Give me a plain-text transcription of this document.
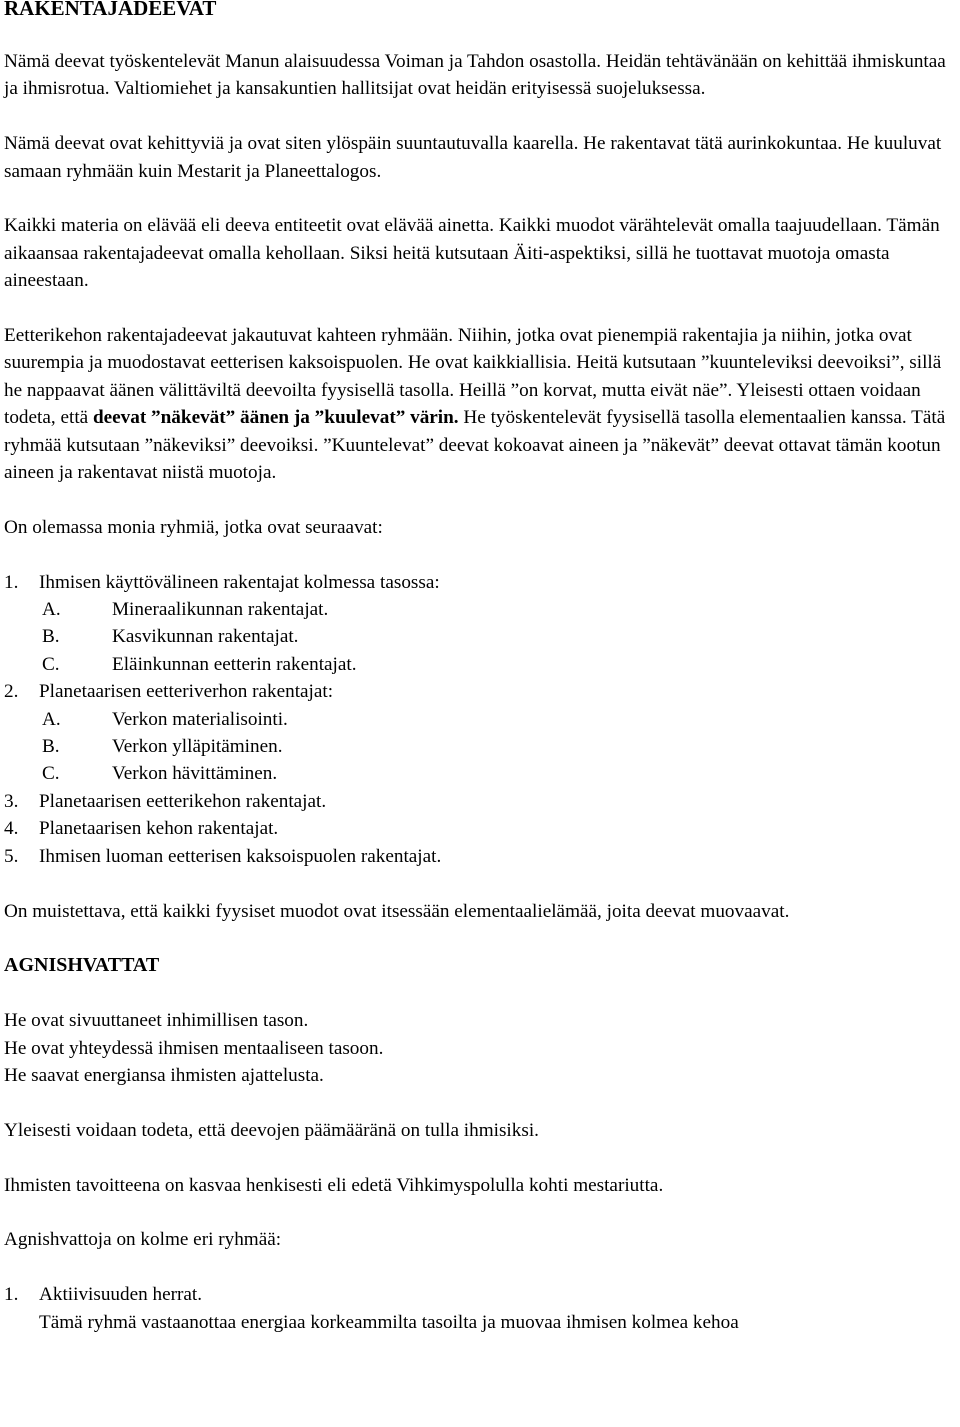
RAKENTAJADEEVAT

Nämä deevat työskentelevät Manun alaisuudessa Voiman ja Tahdon osastolla. Heidän tehtävänään on kehittää ihmiskuntaa ja ihmisrotua. Valtiomiehet ja kansakuntien hallitsijat ovat heidän erityisessä suojeluksessa.

Nämä deevat ovat kehittyviä ja ovat siten ylöspäin suuntautuvalla kaarella. He rakentavat tätä aurinkokuntaa. He kuuluvat samaan ryhmään kuin Mestarit ja Planeettalogos.

Kaikki materia on elävää eli deeva entiteetit ovat elävää ainetta. Kaikki muodot värähtelevät omalla taajuudellaan. Tämän aikaansaa rakentajadeevat omalla kehollaan. Siksi heitä kutsutaan Äiti-aspektiksi, sillä he tuottavat muotoja omasta aineestaan.

Eetterikehon rakentajadeevat jakautuvat kahteen ryhmään. Niihin, jotka ovat pienempiä rakentajia ja niihin, jotka ovat suurempia ja muodostavat eetterisen kaksoispuolen. He ovat kaikkiallisia. Heitä kutsutaan ”kuunteleviksi deevoiksi”, sillä he nappaavat äänen välittäviltä deevoilta fyysisellä tasolla. Heillä ”on korvat, mutta eivät näe”. Yleisesti ottaen voidaan todeta, että deevat ”näkevät” äänen ja ”kuulevat” värin. He työskentelevät fyysisellä tasolla elementaalien kanssa. Tätä ryhmää kutsutaan ”näkeviksi” deevoiksi. ”Kuuntelevat” deevat kokoavat aineen ja ”näkevät” deevat ottavat tämän kootun aineen ja rakentavat niistä muotoja.

On olemassa monia ryhmiä, jotka ovat seuraavat:

1.	Ihmisen käyttövälineen rakentajat kolmessa tasossa:
A.	Mineraalikunnan rakentajat.
B.	Kasvikunnan rakentajat.
C.	Eläinkunnan eetterin rakentajat.
2.	Planetaarisen eetteriverhon rakentajat:
A.	Verkon materialisointi.
B.	Verkon ylläpitäminen.
C.	Verkon hävittäminen.
3.	Planetaarisen eetterikehon rakentajat.
4.	Planetaarisen kehon rakentajat.
5.	Ihmisen luoman eetterisen kaksoispuolen rakentajat.

On muistettava, että kaikki fyysiset muodot ovat itsessään elementaalielämää, joita deevat muovaavat.

AGNISHVATTAT

He ovat sivuuttaneet inhimillisen tason.

He ovat yhteydessä ihmisen mentaaliseen tasoon.

He saavat energiansa ihmisten ajattelusta.

Yleisesti voidaan todeta, että deevojen päämääränä on tulla ihmisiksi.

Ihmisten tavoitteena on kasvaa henkisesti eli edetä Vihkimyspolulla kohti mestariutta.

Agnishvattoja on kolme eri ryhmää:

1.	Aktiivisuuden herrat.

Tämä ryhmä vastaanottaa energiaa korkeammilta tasoilta ja muovaa ihmisen kolmea kehoa
